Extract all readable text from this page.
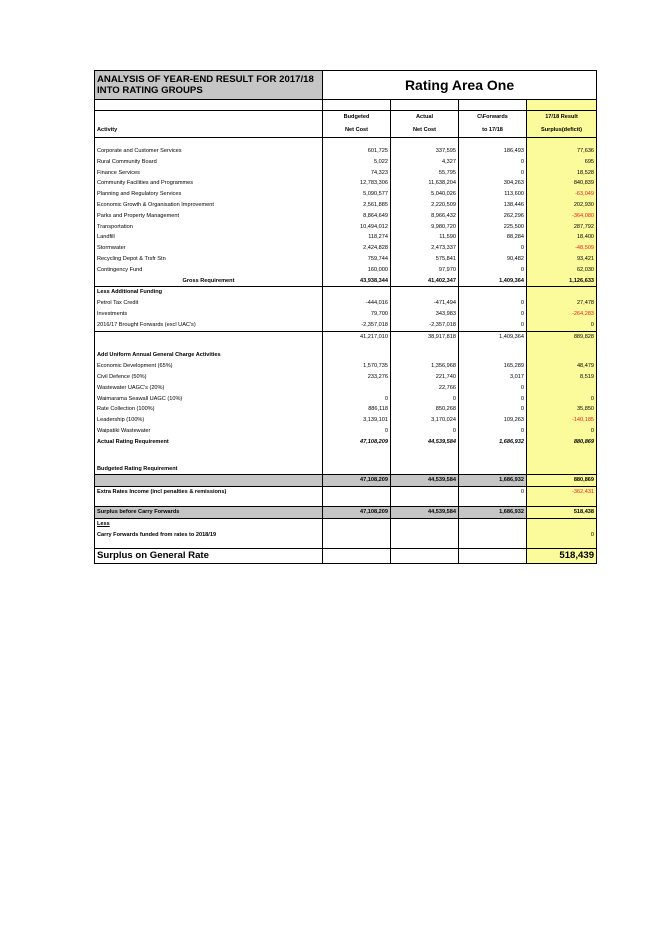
ANALYSIS OF YEAR-END RESULT FOR 2017/18 INTO RATING GROUPS	Rating Area One			

	Budgeted	Actual	C\Forwards	17/18 Result
Activity	Net Cost	Net Cost	to 17/18	Surplus(deficit)

Corporate and Customer Services	601,725	337,595	186,493	77,636
Rural Community Board	5,022	4,327	0	695
Finance Services	74,323	55,795	0	18,528
Community Facilities and Programmes	12,783,306	11,638,204	304,263	840,839
Planning and Regulatory Services	5,090,577	5,040,026	113,600	-63,049
Economic Growth & Organisation Improvement	2,561,885	2,220,509	138,446	202,930
Parks and Property Management	8,864,649	8,966,432	262,296	-364,080
Transportation	10,494,012	9,980,720	225,500	287,792
Landfill	118,274	11,590	88,284	18,400
Stormwater	2,424,828	2,473,337	0	-48,509
Recycling Depot & Trsfr Stn	759,744	575,841	90,482	93,421
Contingency Fund	160,000	97,970	0	62,030
Gross Requirement	43,938,344	41,402,347	1,409,364	1,126,633
Less Additional Funding				
Petrol Tax Credit	-444,016	-471,494	0	27,478
Investments	79,700	343,983	0	-264,283
2016/17 Brought Forwards (excl UAC's)	-2,357,018	-2,357,018	0	0
	41,217,010	38,917,818	1,409,364	889,828

Add Uniform Annual General Charge Activities				
Economic Development (65%)	1,570,735	1,356,968	165,289	48,479
Civil Defence (50%)	233,276	221,740	3,017	8,519
Wastewater UAGC's (20%)		22,766	0	
Waimarama Seawall UAGC (10%)	0	0	0	0
Rate Collection (100%)	886,118	850,268	0	35,850
Leadership (100%)	3,139,101	3,170,024	109,263	-140,185
Waipatiki Wastewater	0	0	0	0
Actual Rating Requirement	47,108,209	44,539,584	1,686,932	880,869

Budgeted Rating Requirement				
	47,108,209	44,539,584	1,686,932	880,869
Extra Rates Income (incl penalties & remissions)			0	-362,431

Surplus before Carry Forwards	47,108,209	44,539,584	1,686,932	518,438
Less				
Carry Forwards funded from rates to 2018/19				0

Surplus on General Rate				518,439
